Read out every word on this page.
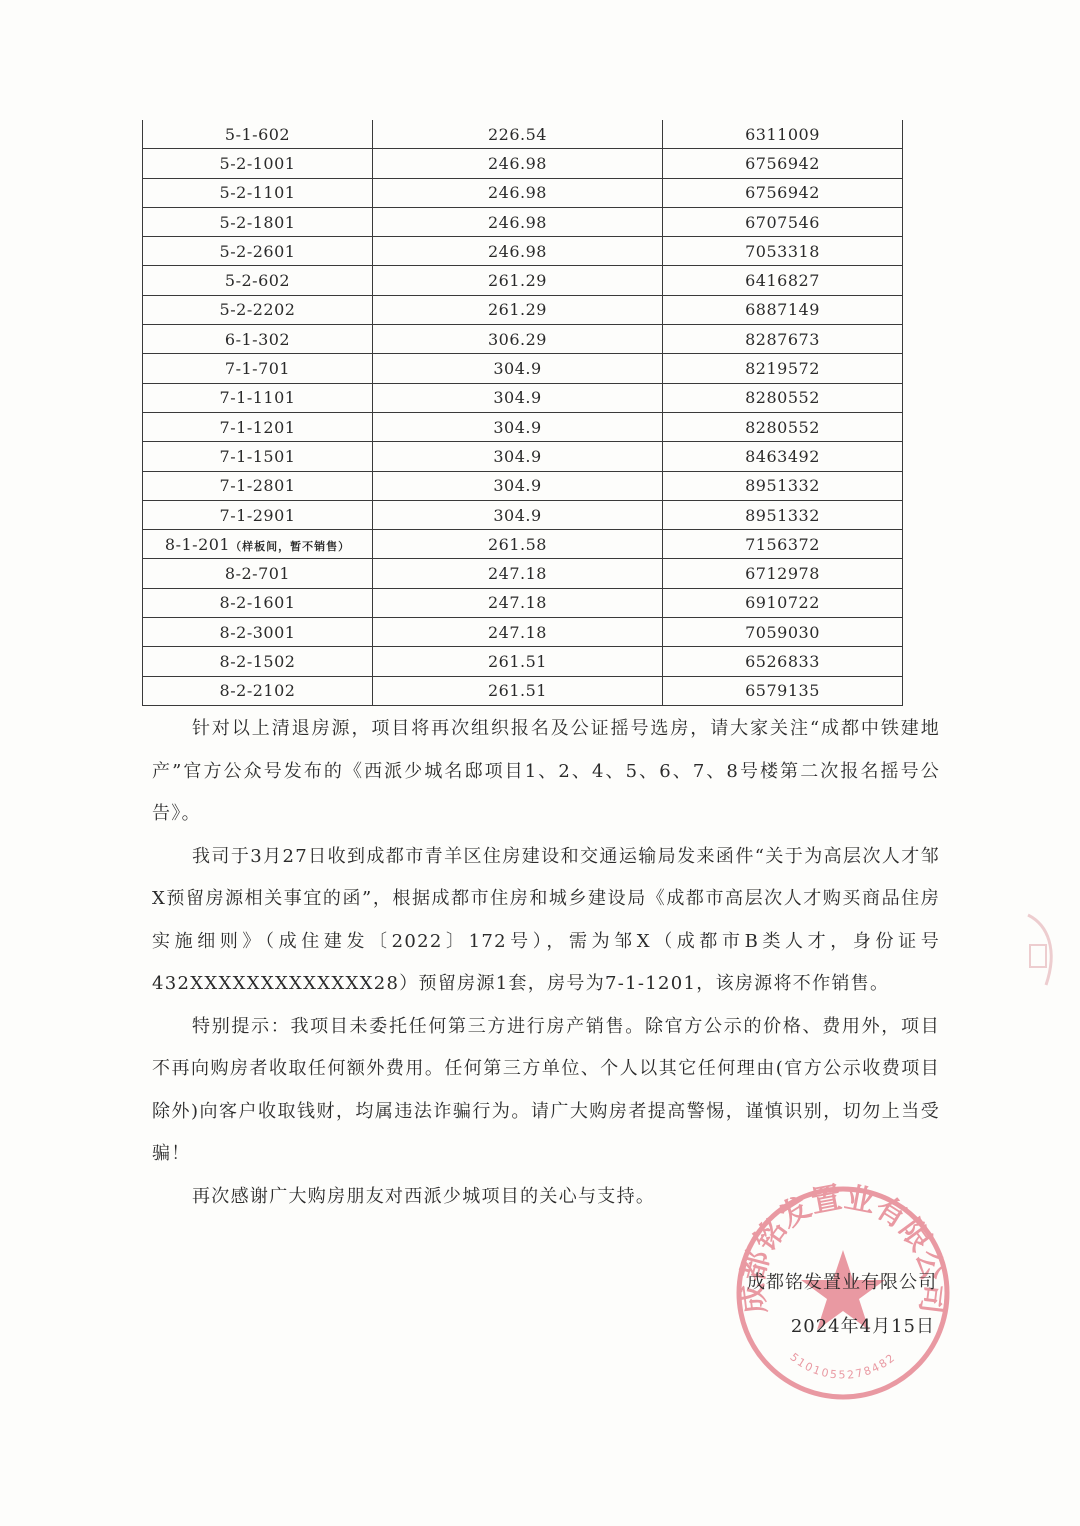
5-1-602	226.54	6311009
5-2-1001	246.98	6756942
5-2-1101	246.98	6756942
5-2-1801	246.98	6707546
5-2-2601	246.98	7053318
5-2-602	261.29	6416827
5-2-2202	261.29	6887149
6-1-302	306.29	8287673
7-1-701	304.9	8219572
7-1-1101	304.9	8280552
7-1-1201	304.9	8280552
7-1-1501	304.9	8463492
7-1-2801	304.9	8951332
7-1-2901	304.9	8951332
8-1-201（样板间，暂不销售）	261.58	7156372
8-2-701	247.18	6712978
8-2-1601	247.18	6910722
8-2-3001	247.18	7059030
8-2-1502	261.51	6526833
8-2-2102	261.51	6579135

针对以上清退房源，项目将再次组织报名及公证摇号选房，请大家关注“成都中铁建地产”官方公众号发布的《西派少城名邸项目1、2、4、5、6、7、8号楼第二次报名摇号公告》。

我司于3月27日收到成都市青羊区住房建设和交通运输局发来函件“关于为高层次人才邹X预留房源相关事宜的函”，根据成都市住房和城乡建设局《成都市高层次人才购买商品住房实施细则》（成住建发〔2022〕172号），需为邹X（成都市B类人才，身份证号432XXXXXXXXXXXXX28）预留房源1套，房号为7-1-1201，该房源将不作销售。

特别提示：我项目未委托任何第三方进行房产销售。除官方公示的价格、费用外，项目不再向购房者收取任何额外费用。任何第三方单位、个人以其它任何理由(官方公示收费项目除外)向客户收取钱财，均属违法诈骗行为。请广大购房者提高警惕，谨慎识别，切勿上当受骗！

再次感谢广大购房朋友对西派少城项目的关心与支持。

成都铭发置业有限公司
5101055278482
成都铭发置业有限公司
2024年4月15日
